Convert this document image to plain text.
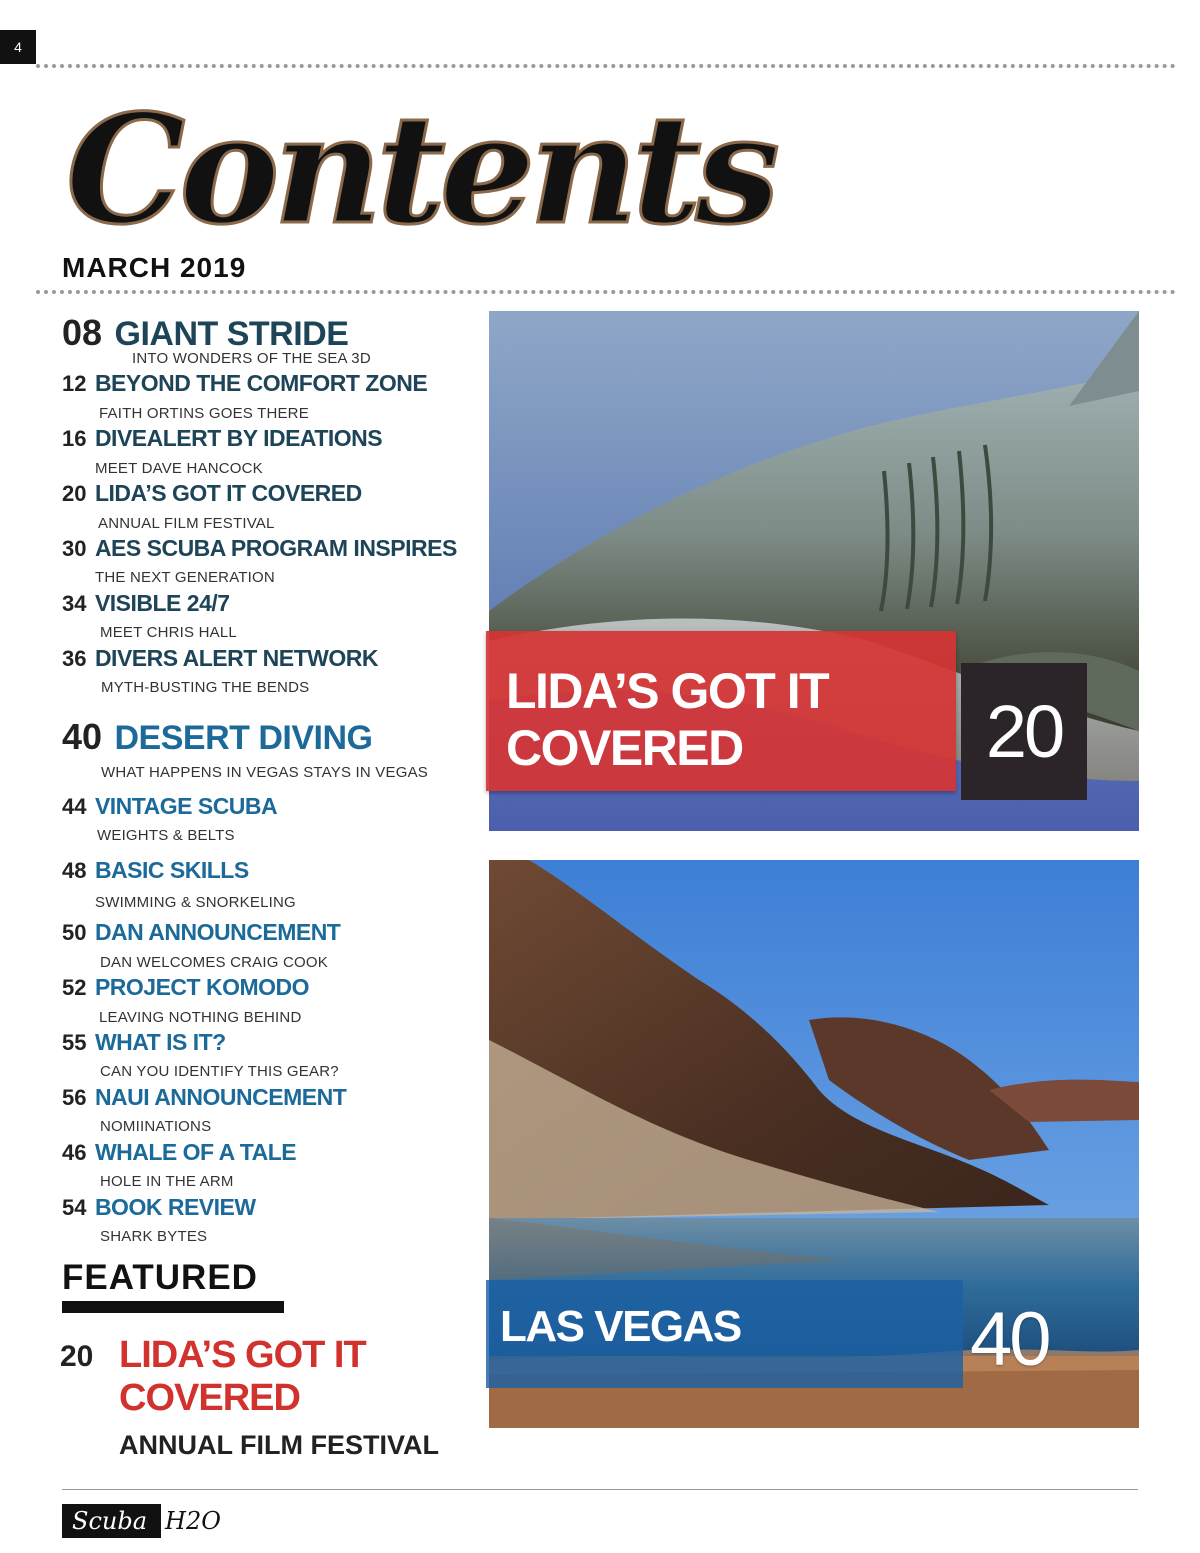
4
Contents
MARCH 2019
08 GIANT STRIDE
INTO WONDERS OF THE SEA 3D
12 BEYOND THE COMFORT ZONE
FAITH ORTINS GOES THERE
16 DIVEALERT BY IDEATIONS
MEET DAVE HANCOCK
20 LIDA’S GOT IT COVERED
ANNUAL FILM FESTIVAL
30 AES SCUBA PROGRAM INSPIRES
THE NEXT GENERATION
34 VISIBLE 24/7
MEET CHRIS HALL
36 DIVERS ALERT NETWORK
MYTH-BUSTING THE BENDS
40 DESERT DIVING
WHAT HAPPENS IN VEGAS STAYS IN VEGAS
44 VINTAGE SCUBA
WEIGHTS & BELTS
48 BASIC SKILLS
SWIMMING & SNORKELING
50 DAN ANNOUNCEMENT
DAN WELCOMES CRAIG COOK
52 PROJECT KOMODO
LEAVING NOTHING BEHIND
55 WHAT IS IT?
CAN YOU IDENTIFY THIS GEAR?
56 NAUI ANNOUNCEMENT
NOMIINATIONS
46 WHALE OF A TALE
HOLE IN THE ARM
54 BOOK REVIEW
SHARK BYTES
FEATURED
20 LIDA’S GOT IT
COVERED
ANNUAL FILM FESTIVAL
LIDA’S GOT IT
COVERED	20
LAS VEGAS	40
Scuba H2O
